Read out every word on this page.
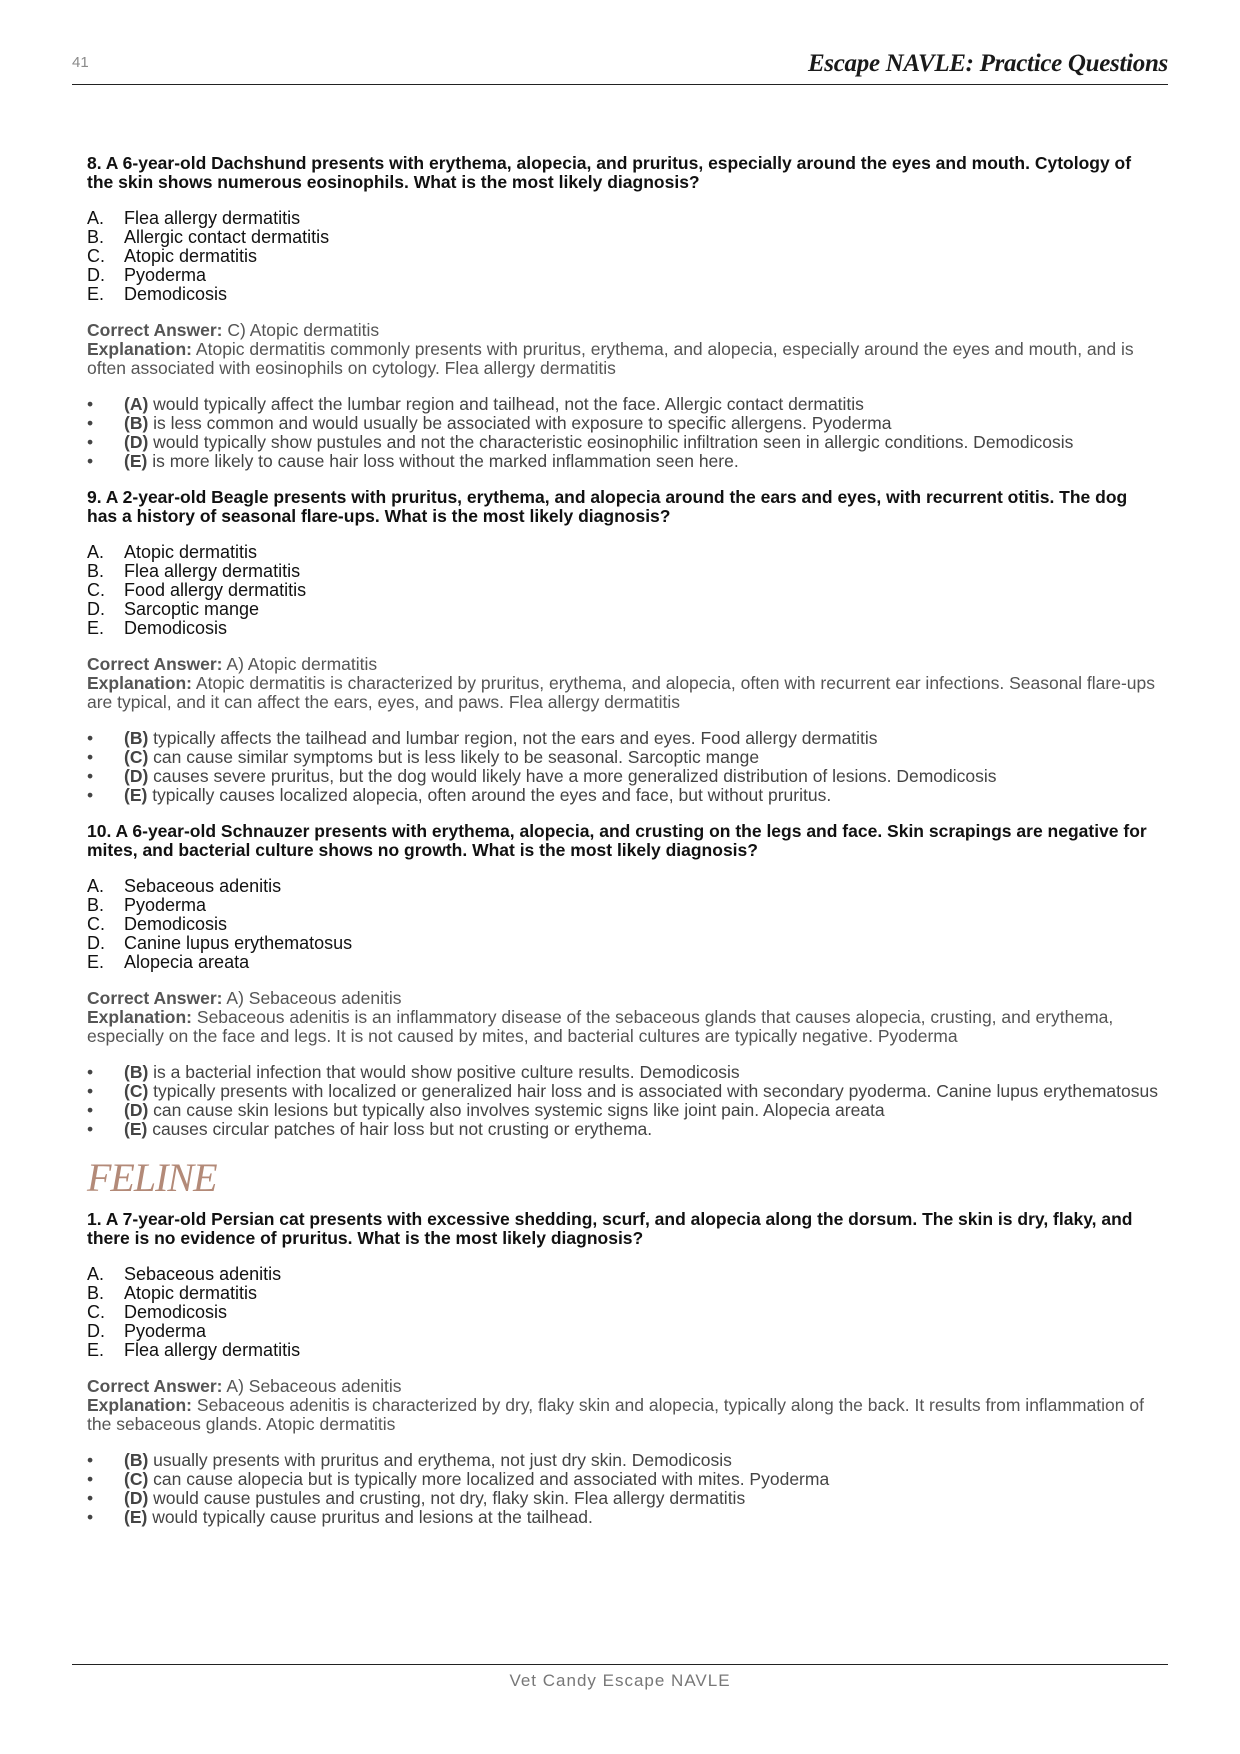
41	Escape NAVLE: Practice Questions

8. A 6-year-old Dachshund presents with erythema, alopecia, and pruritus, especially around the eyes and mouth. Cytology of the skin shows numerous eosinophils. What is the most likely diagnosis?

A.	Flea allergy dermatitis
B.	Allergic contact dermatitis
C.	Atopic dermatitis
D.	Pyoderma
E.	Demodicosis
Correct Answer: C) Atopic dermatitis
Explanation: Atopic dermatitis commonly presents with pruritus, erythema, and alopecia, especially around the eyes and mouth, and is often associated with eosinophils on cytology. Flea allergy dermatitis
•	(A) would typically affect the lumbar region and tailhead, not the face. Allergic contact dermatitis
•	(B) is less common and would usually be associated with exposure to specific allergens. Pyoderma
•	(D) would typically show pustules and not the characteristic eosinophilic infiltration seen in allergic conditions. Demodicosis
•	(E) is more likely to cause hair loss without the marked inflammation seen here.

9. A 2-year-old Beagle presents with pruritus, erythema, and alopecia around the ears and eyes, with recurrent otitis. The dog has a history of seasonal flare-ups. What is the most likely diagnosis?

A.	Atopic dermatitis
B.	Flea allergy dermatitis
C.	Food allergy dermatitis
D.	Sarcoptic mange
E.	Demodicosis
Correct Answer: A) Atopic dermatitis
Explanation: Atopic dermatitis is characterized by pruritus, erythema, and alopecia, often with recurrent ear infections. Seasonal flare-ups are typical, and it can affect the ears, eyes, and paws. Flea allergy dermatitis
•	(B) typically affects the tailhead and lumbar region, not the ears and eyes. Food allergy dermatitis
•	(C) can cause similar symptoms but is less likely to be seasonal. Sarcoptic mange
•	(D) causes severe pruritus, but the dog would likely have a more generalized distribution of lesions. Demodicosis
•	(E) typically causes localized alopecia, often around the eyes and face, but without pruritus.

10. A 6-year-old Schnauzer presents with erythema, alopecia, and crusting on the legs and face. Skin scrapings are negative for mites, and bacterial culture shows no growth. What is the most likely diagnosis?

A.	Sebaceous adenitis
B.	Pyoderma
C.	Demodicosis
D.	Canine lupus erythematosus
E.	Alopecia areata
Correct Answer: A) Sebaceous adenitis
Explanation: Sebaceous adenitis is an inflammatory disease of the sebaceous glands that causes alopecia, crusting, and erythema, especially on the face and legs. It is not caused by mites, and bacterial cultures are typically negative. Pyoderma
•	(B) is a bacterial infection that would show positive culture results. Demodicosis
•	(C) typically presents with localized or generalized hair loss and is associated with secondary pyoderma. Canine lupus erythematosus
•	(D) can cause skin lesions but typically also involves systemic signs like joint pain. Alopecia areata
•	(E) causes circular patches of hair loss but not crusting or erythema.
FELINE

1. A 7-year-old Persian cat presents with excessive shedding, scurf, and alopecia along the dorsum. The skin is dry, flaky, and there is no evidence of pruritus. What is the most likely diagnosis?

A.	Sebaceous adenitis
B.	Atopic dermatitis
C.	Demodicosis
D.	Pyoderma
E.	Flea allergy dermatitis
Correct Answer: A) Sebaceous adenitis
Explanation: Sebaceous adenitis is characterized by dry, flaky skin and alopecia, typically along the back. It results from inflammation of the sebaceous glands. Atopic dermatitis
•	(B) usually presents with pruritus and erythema, not just dry skin. Demodicosis
•	(C) can cause alopecia but is typically more localized and associated with mites. Pyoderma
•	(D) would cause pustules and crusting, not dry, flaky skin. Flea allergy dermatitis
•	(E) would typically cause pruritus and lesions at the tailhead.
Vet Candy Escape NAVLE
